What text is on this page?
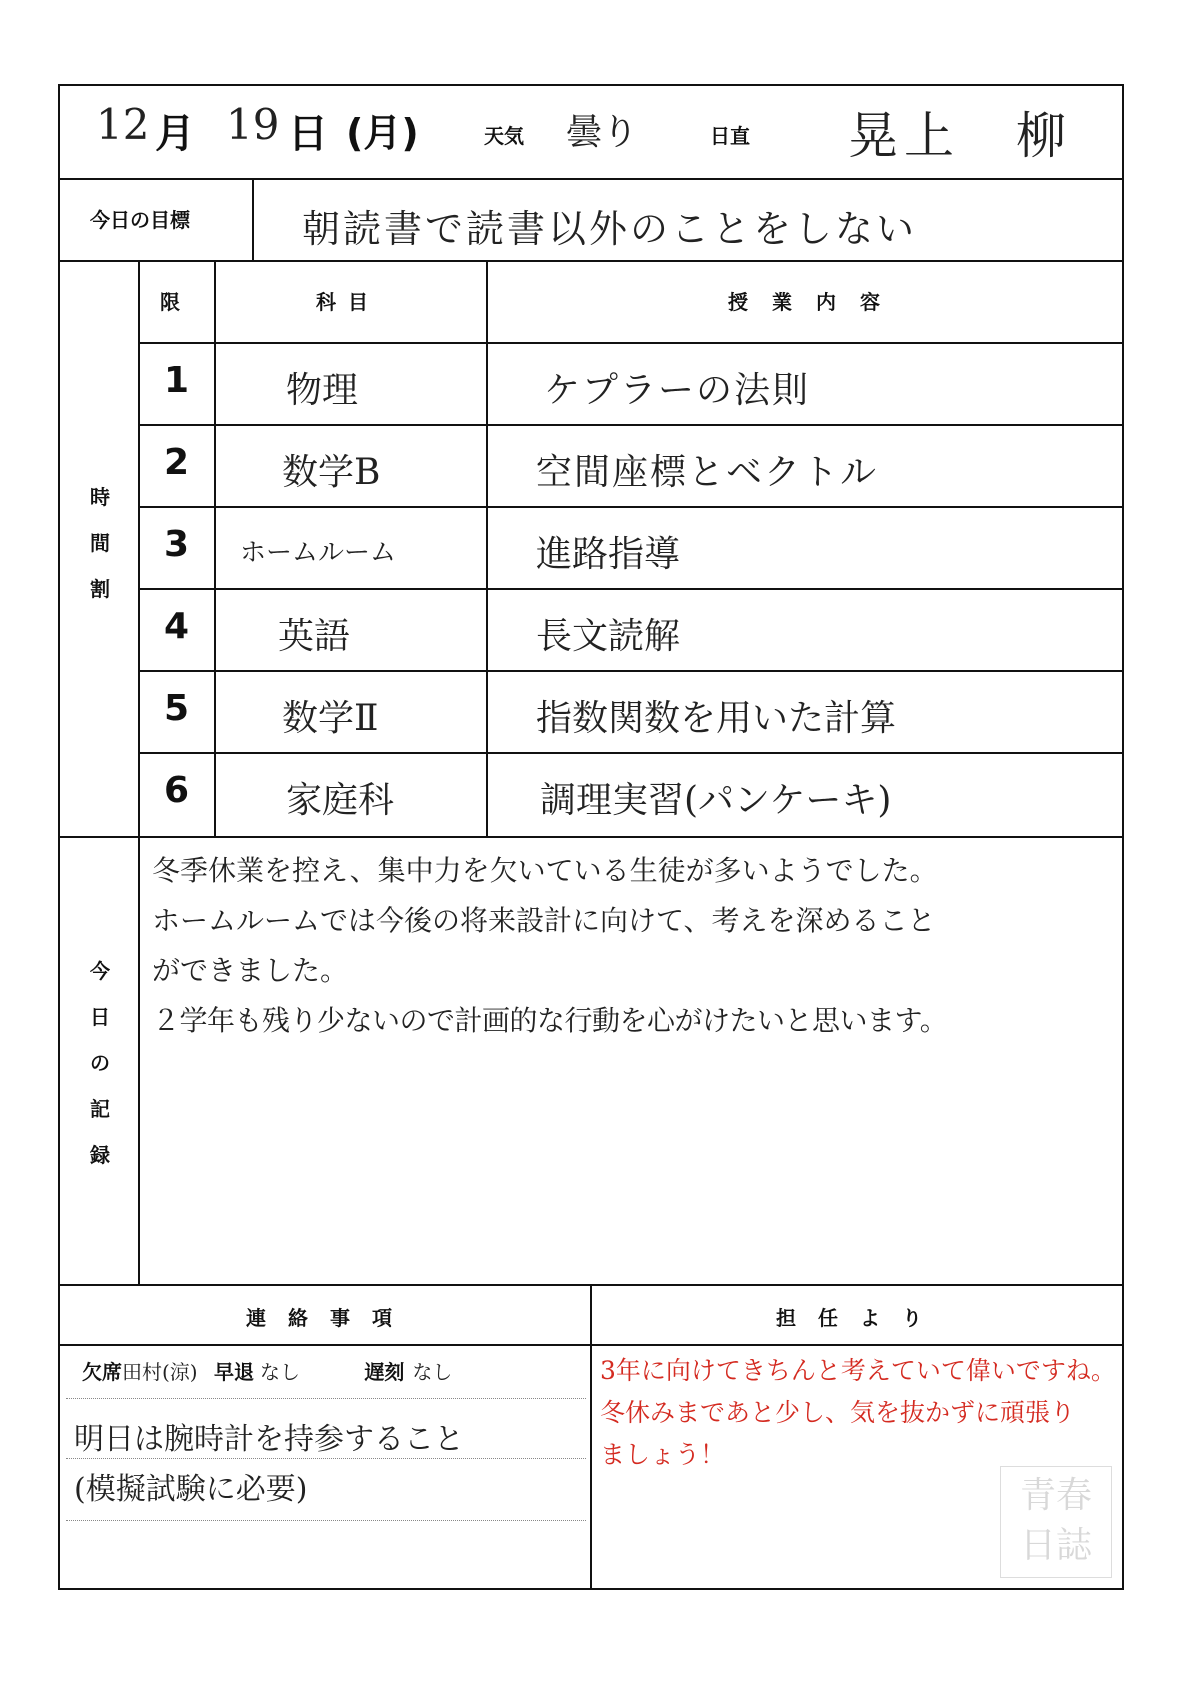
12 月 19 日 (月)	天気 曇り	日直 晃上　柳
今日の目標	朝読書で読書以外のことをしない
時間割
限	科目	授業内容
1	物理	ケプラーの法則
2	数学B	空間座標とベクトル
3 ホームルーム	進路指導
4 英語	長文読解
5	数学Ⅱ	指数関数を用いた計算
6	家庭科	調理実習(パンケーキ)
今日の記録
冬季休業を控え、集中力を欠いている生徒が多いようでした。
ホームルームでは今後の将来設計に向けて、考えを深めること
ができました。
２学年も残り少ないので計画的な行動を心がけたいと思います。
連絡事項	担任より
欠席田村(涼) 早退 なし	遅刻 なし
明日は腕時計を持参すること
(模擬試験に必要)
3年に向けてきちんと考えていて偉いですね。
冬休みまであと少し、気を抜かずに頑張り
ましょう！
青春
日誌
